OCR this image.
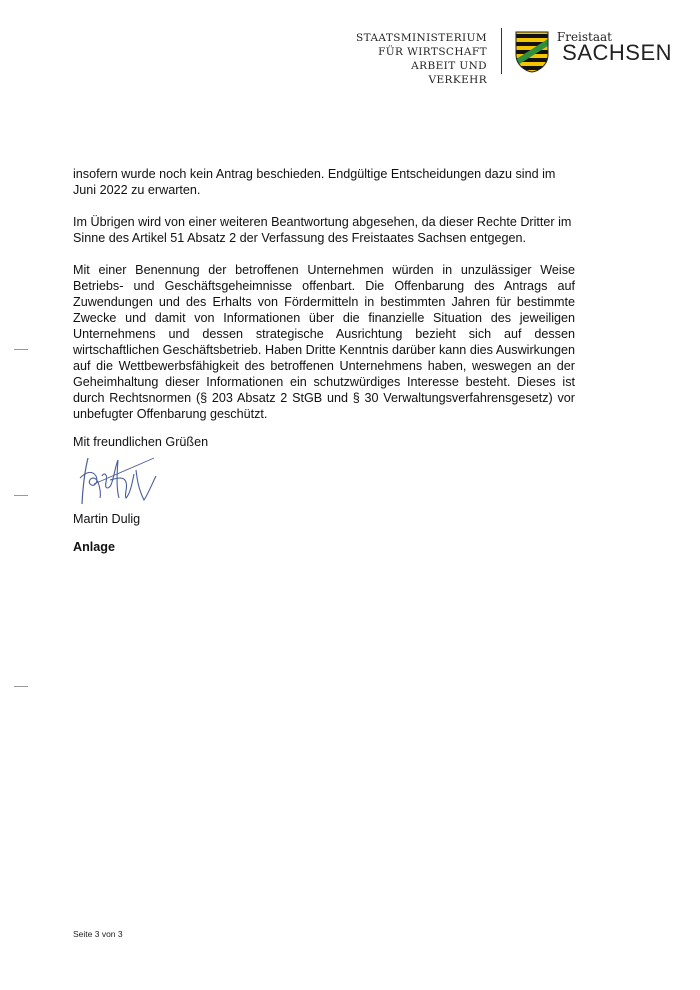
STAATSMINISTERIUM
FÜR WIRTSCHAFT
ARBEIT UND VERKEHR
Freistaat
SACHSEN

insofern wurde noch kein Antrag beschieden. Endgültige Entscheidungen dazu sind im Juni 2022 zu erwarten.

Im Übrigen wird von einer weiteren Beantwortung abgesehen, da dieser Rechte Dritter im Sinne des Artikel 51 Absatz 2 der Verfassung des Freistaates Sachsen entgegen.

Mit einer Benennung der betroffenen Unternehmen würden in unzulässiger Weise Betriebs- und Geschäftsgeheimnisse offenbart. Die Offenbarung des Antrags auf Zuwendungen und des Erhalts von Fördermitteln in bestimmten Jahren für bestimmte Zwecke und damit von Informationen über die finanzielle Situation des jeweiligen Unternehmens und dessen strategische Ausrichtung bezieht sich auf dessen wirtschaftlichen Geschäftsbetrieb. Haben Dritte Kenntnis darüber kann dies Auswirkungen auf die Wettbewerbsfähigkeit des betroffenen Unternehmens haben, weswegen an der Geheimhaltung dieser Informationen ein schutzwürdiges Interesse besteht. Dieses ist durch Rechtsnormen (§ 203 Absatz 2 StGB und § 30 Verwaltungsverfahrensgesetz) vor unbefugter Offenbarung geschützt.

Mit freundlichen Grüßen
Martin Dulig
Anlage
Seite 3 von 3
